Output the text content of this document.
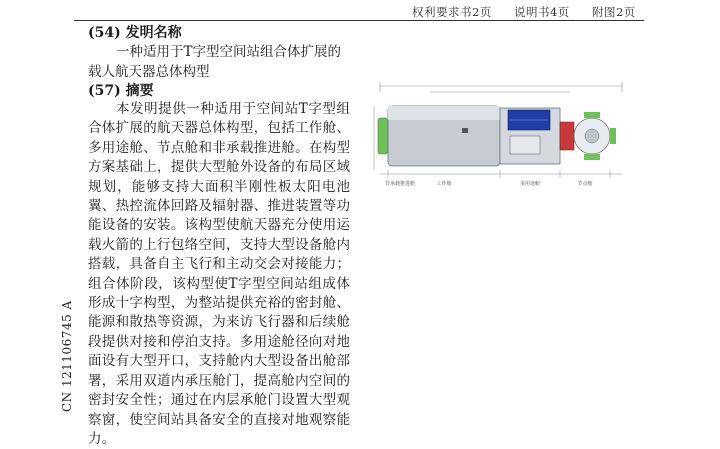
权利要求书2页 说明书4页 附图2页
(54) 发明名称
一种适用于T字型空间站组合体扩展的载人航天器总体构型
(57) 摘要
本发明提供一种适用于空间站T字型组合体扩展的航天器总体构型，包括工作舱、多用途舱、节点舱和非承载推进舱。在构型方案基础上，提供大型舱外设备的布局区域规划，能够支持大面积半刚性板太阳电池翼、热控流体回路及辐射器、推进装置等功能设备的安装。该构型使航天器充分使用运载火箭的上行包络空间，支持大型设备舱内搭载，具备自主飞行和主动交会对接能力；组合体阶段，该构型使T字型空间站组成体形成十字构型，为整站提供充裕的密封舱、能源和散热等资源，为来访飞行器和后续舱段提供对接和停泊支持。多用途舱径向对地面设有大型开口，支持舱内大型设备出舱部署，采用双道内承压舱门，提高舱内空间的密封安全性；通过在内层承舱门设置大型观察窗，使空间站具备安全的直接对地观察能力。
CN 121106745 A
工作舱	多用途舱	节点舱
非承载推进舱
